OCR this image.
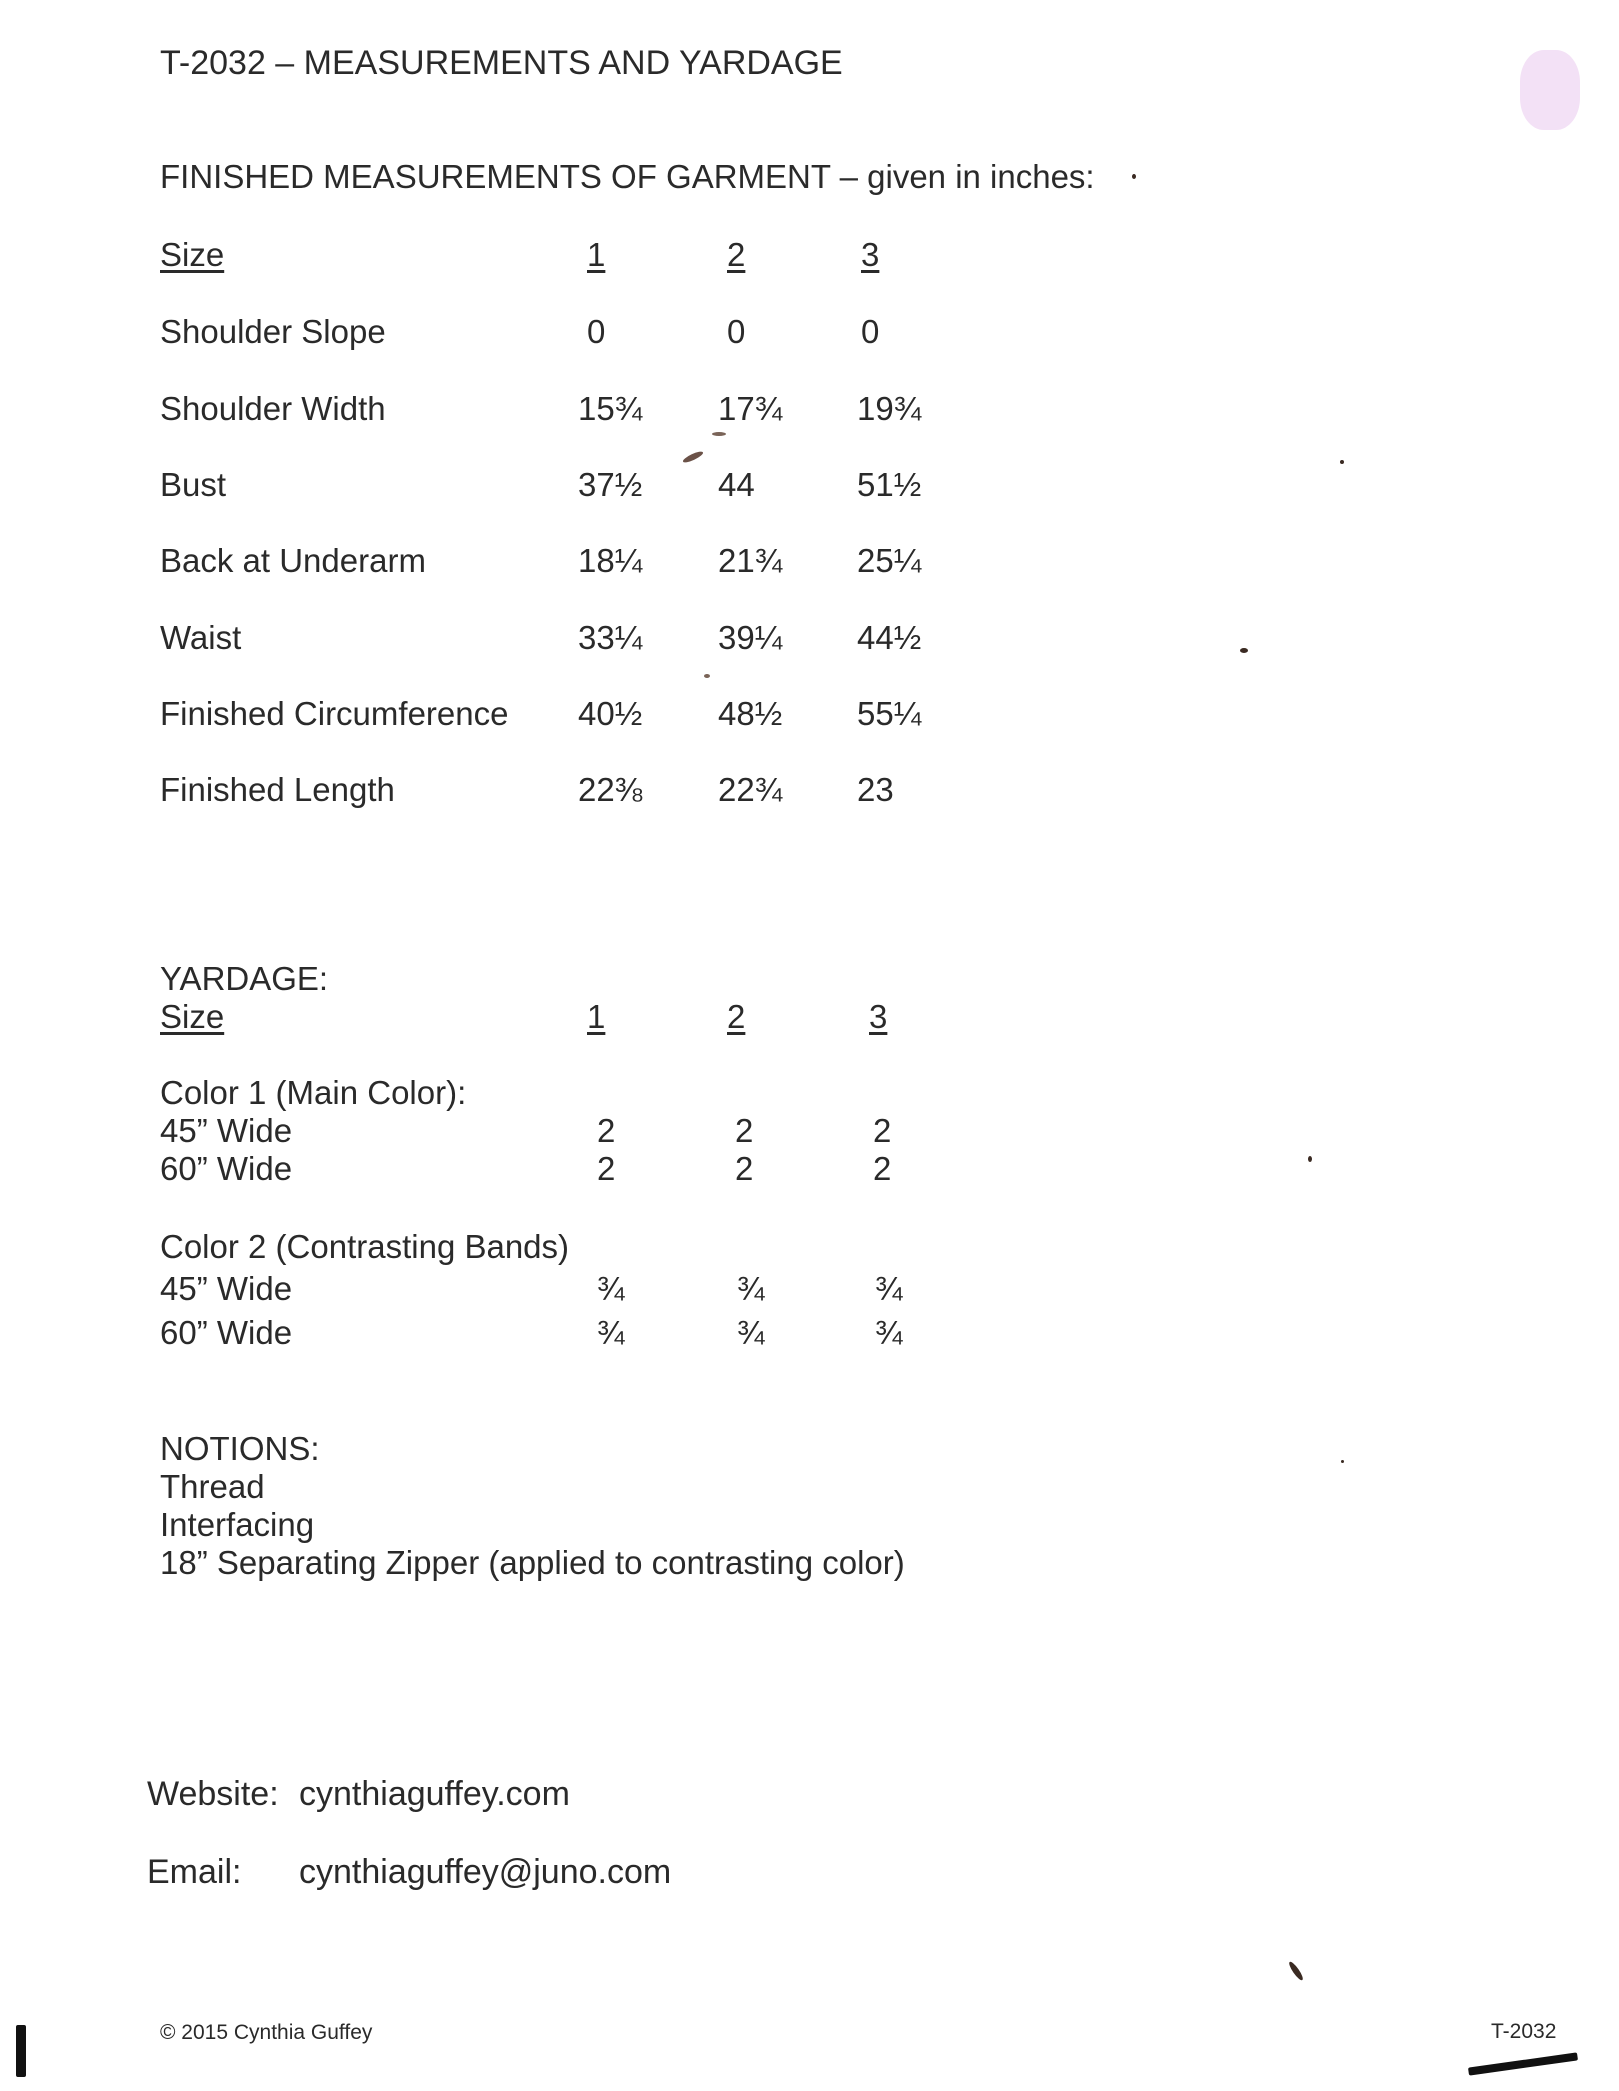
T-2032 – MEASUREMENTS AND YARDAGE
FINISHED MEASUREMENTS OF GARMENT – given in inches:
Size	1	2	3
Shoulder Slope	0	0	0
Shoulder Width	15¾ 17¾ 19¾
Bust	37½ 44	51½
Back at Underarm	18¼ 21¾ 25¼
Waist	33¼ 39¼ 44½
Finished Circumference 40½ 48½ 55¼
Finished Length	22⅜ 22¾ 23
YARDAGE:
Size	1	2	3
Color 1 (Main Color):
45” Wide	2	2	2
60” Wide	2	2	2
Color 2 (Contrasting Bands)
45” Wide	¾	¾	¾
60” Wide	¾	¾	¾
NOTIONS:
Thread
Interfacing
18” Separating Zipper (applied to contrasting color)
Website: cynthiaguffey.com
Email: cynthiaguffey@juno.com
© 2015 Cynthia Guffey	T-2032
